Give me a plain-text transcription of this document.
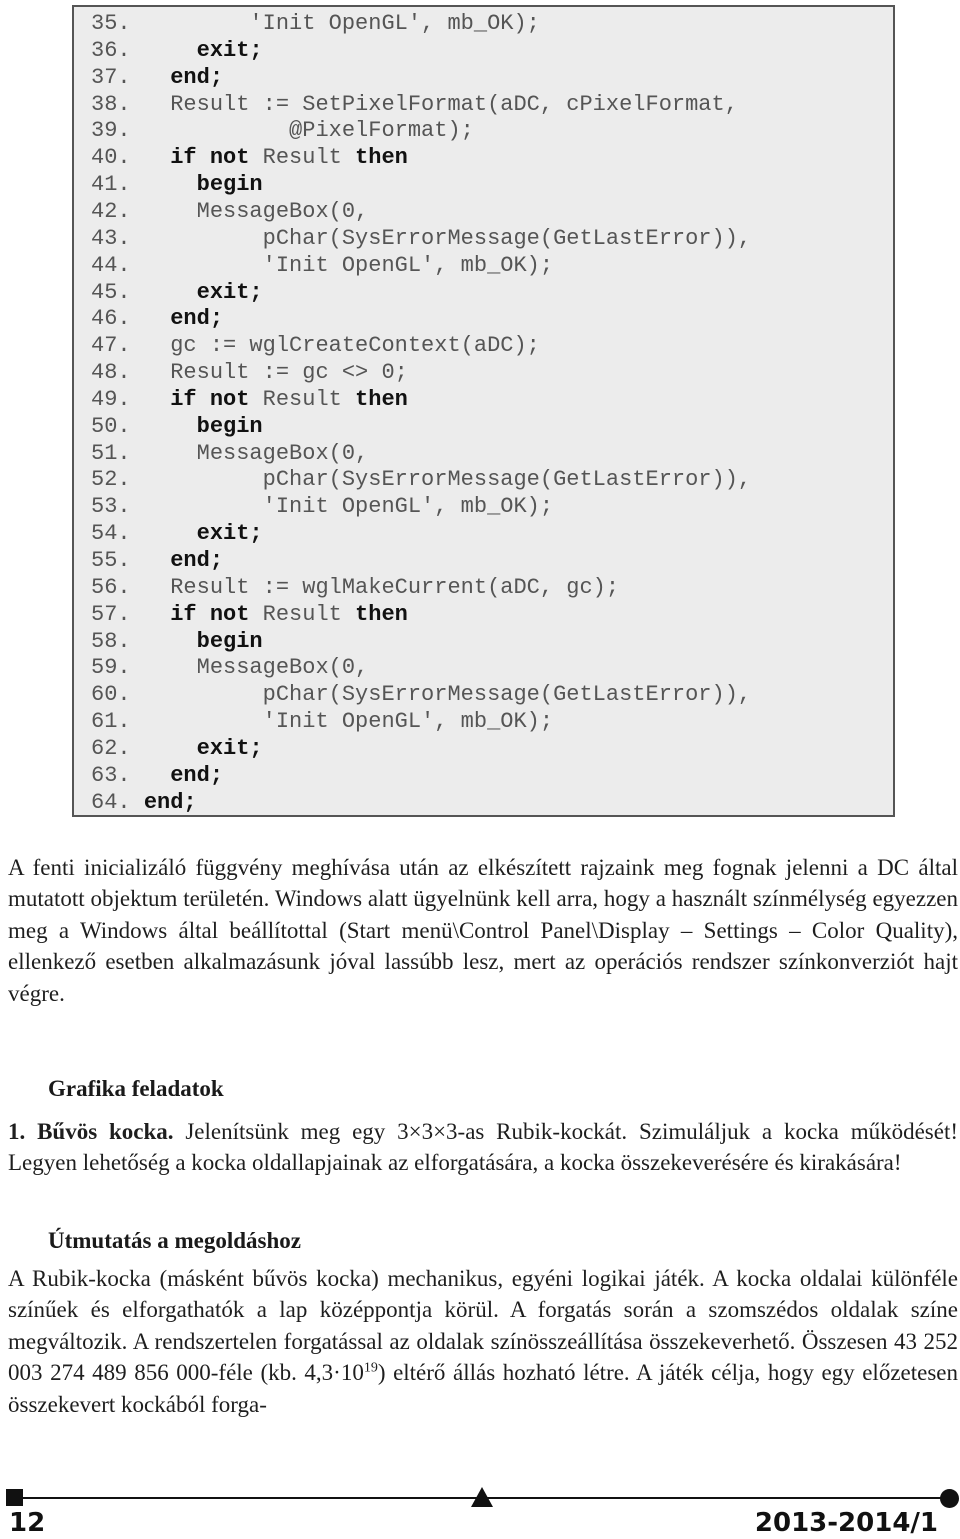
35.         'Init OpenGL', mb_OK);
36.	exit;
37. end;
38.   Result := SetPixelFormat(aDC, cPixelFormat,
39.            @PixelFormat);
40. if not Result then
41.	begin
42.     MessageBox(0,
43.          pChar(SysErrorMessage(GetLastError)),
44.          'Init OpenGL', mb_OK);
45.	exit;
46. end;
47.   gc := wglCreateContext(aDC);
48.   Result := gc <> 0;
49. if not Result then
50.	begin
51.     MessageBox(0,
52.          pChar(SysErrorMessage(GetLastError)),
53.          'Init OpenGL', mb_OK);
54.	exit;
55. end;
56.   Result := wglMakeCurrent(aDC, gc);
57. if not Result then
58.	begin
59.     MessageBox(0,
60.          pChar(SysErrorMessage(GetLastError)),
61.          'Init OpenGL', mb_OK);
62.	exit;
63. end;
64. end;

A fenti inicializáló függvény meghívása után az elkészített rajzaink meg fognak jelenni a DC által mutatott objektum területén. Windows alatt ügyelnünk kell arra, hogy a használt színmélység egyezzen meg a Windows által beállítottal (Start menü\Control Panel\Display – Settings – Color Quality), ellenkező esetben alkalmazásunk jóval lassúbb lesz, mert az operációs rendszer színkonverziót hajt végre.

Grafika feladatok

1. Bűvös kocka. Jelenítsünk meg egy 3×3×3-as Rubik-kockát. Szimuláljuk a kocka működését! Legyen lehetőség a kocka oldallapjainak az elforgatására, a kocka összekeverésére és kirakására!

Útmutatás a megoldáshoz

A Rubik-kocka (másként bűvös kocka) mechanikus, egyéni logikai játék. A kocka oldalai különféle színűek és elforgathatók a lap középpontja körül. A forgatás során a szomszédos oldalak színe megváltozik. A rendszertelen forgatással az oldalak színösszeállítása összekeverhető. Összesen 43 252 003 274 489 856 000-féle (kb. $4,3\cdot 10^{19}$) eltérő állás hozható létre. A játék célja, hogy egy előzetesen összekevert kockából forga-

12	2013-2014/1
